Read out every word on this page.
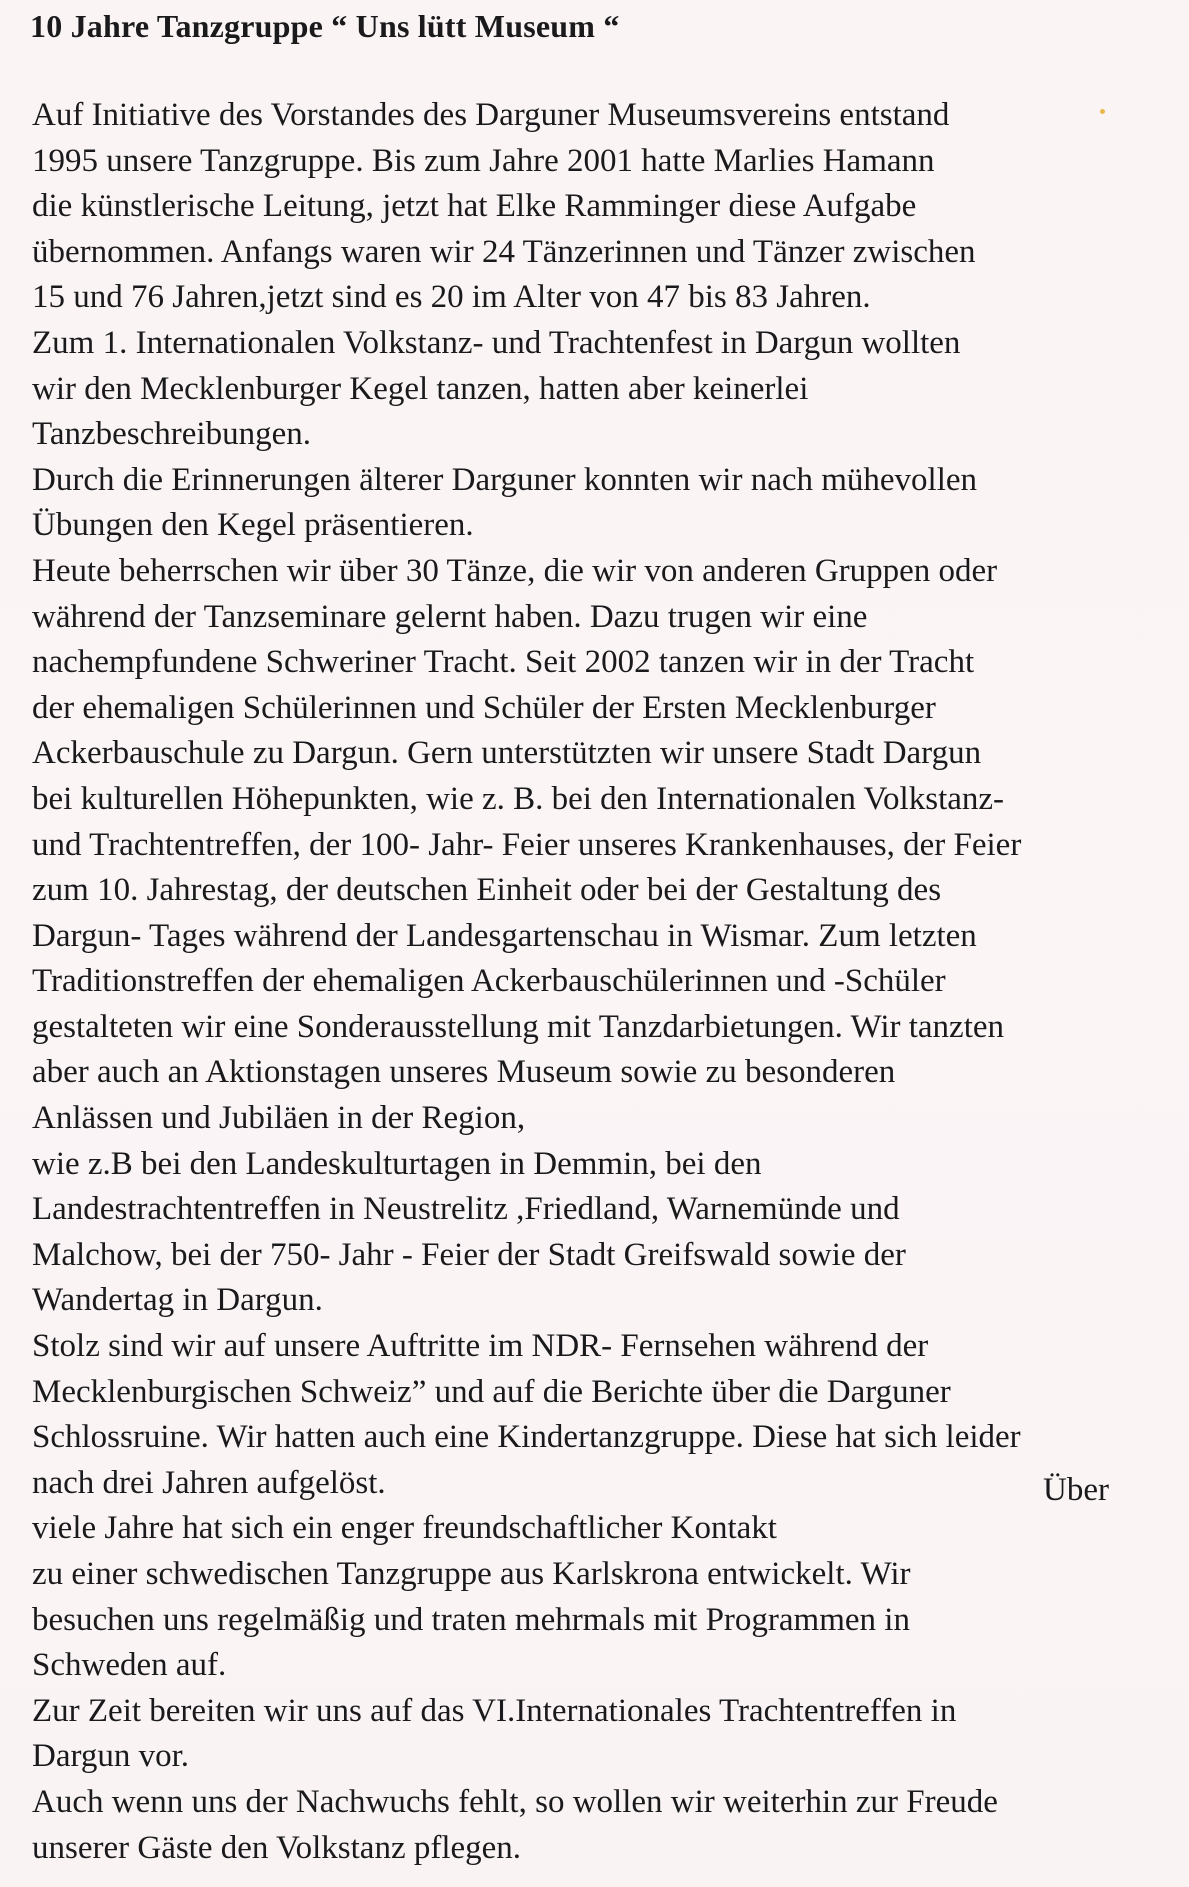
10 Jahre Tanzgruppe “ Uns lütt Museum “
Auf Initiative des Vorstandes des Darguner Museumsvereins entstand
1995 unsere Tanzgruppe. Bis zum Jahre 2001 hatte Marlies Hamann
die künstlerische Leitung, jetzt hat Elke Ramminger diese Aufgabe
übernommen. Anfangs waren wir 24 Tänzerinnen und Tänzer zwischen
15 und 76 Jahren,jetzt sind es 20 im Alter von 47 bis 83 Jahren.
Zum 1. Internationalen Volkstanz- und Trachtenfest in Dargun wollten
wir den Mecklenburger Kegel tanzen, hatten aber keinerlei
Tanzbeschreibungen.
Durch die Erinnerungen älterer Darguner konnten wir nach mühevollen
Übungen den Kegel präsentieren.
Heute beherrschen wir über 30 Tänze, die wir von anderen Gruppen oder
während der Tanzseminare gelernt haben. Dazu trugen wir eine
nachempfundene Schweriner Tracht. Seit 2002 tanzen wir in der Tracht
der ehemaligen Schülerinnen und Schüler der Ersten Mecklenburger
Ackerbauschule zu Dargun. Gern unterstützten wir unsere Stadt Dargun
bei kulturellen Höhepunkten, wie z. B. bei den Internationalen Volkstanz-
und Trachtentreffen, der 100- Jahr- Feier unseres Krankenhauses, der Feier
zum 10. Jahrestag, der deutschen Einheit oder bei der Gestaltung des
Dargun- Tages während der Landesgartenschau in Wismar. Zum letzten
Traditionstreffen der ehemaligen Ackerbauschülerinnen und -Schüler
gestalteten wir eine Sonderausstellung mit Tanzdarbietungen. Wir tanzten
aber auch an Aktionstagen unseres Museum sowie zu besonderen
Anlässen und Jubiläen in der Region,
wie z.B bei den Landeskulturtagen in Demmin, bei den
Landestrachtentreffen in Neustrelitz ,Friedland, Warnemünde und
Malchow, bei der 750- Jahr - Feier der Stadt Greifswald sowie der
Wandertag in Dargun.
Stolz sind wir auf unsere Auftritte im NDR- Fernsehen während der
Mecklenburgischen Schweiz” und auf die Berichte über die Darguner
Schlossruine. Wir hatten auch eine Kindertanzgruppe. Diese hat sich leider
nach drei Jahren aufgelöst.
viele Jahre hat sich ein enger freundschaftlicher Kontakt
zu einer schwedischen Tanzgruppe aus Karlskrona entwickelt. Wir
besuchen uns regelmäßig und traten mehrmals mit Programmen in
Schweden auf.
Zur Zeit bereiten wir uns auf das VI.Internationales Trachtentreffen in
Dargun vor.
Auch wenn uns der Nachwuchs fehlt, so wollen wir weiterhin zur Freude
unserer Gäste den Volkstanz pflegen.
Über
